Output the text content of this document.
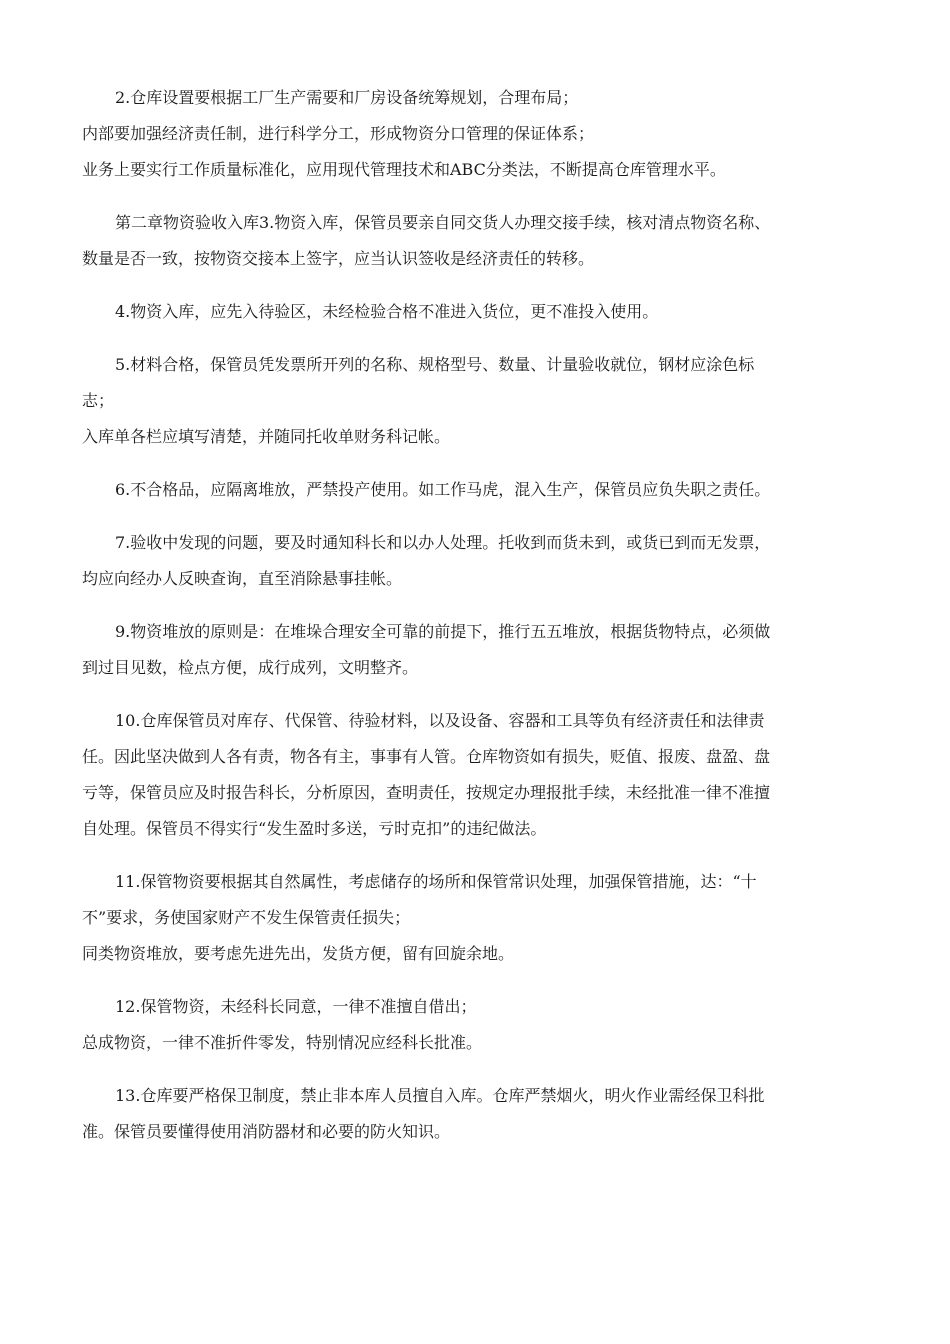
2.仓库设置要根据工厂生产需要和厂房设备统筹规划，合理布局；
内部要加强经济责任制，进行科学分工，形成物资分口管理的保证体系；
业务上要实行工作质量标准化，应用现代管理技术和ABC分类法，不断提高仓库管理水平。

第二章物资验收入库3.物资入库，保管员要亲自同交货人办理交接手续，核对清点物资名称、
数量是否一致，按物资交接本上签字，应当认识签收是经济责任的转移。

4.物资入库，应先入待验区，未经检验合格不准进入货位，更不准投入使用。

5.材料合格，保管员凭发票所开列的名称、规格型号、数量、计量验收就位，钢材应涂色标
志；
入库单各栏应填写清楚，并随同托收单财务科记帐。

6.不合格品，应隔离堆放，严禁投产使用。如工作马虎，混入生产，保管员应负失职之责任。

7.验收中发现的问题，要及时通知科长和以办人处理。托收到而货未到，或货已到而无发票，
均应向经办人反映查询，直至消除悬事挂帐。

9.物资堆放的原则是：在堆垛合理安全可靠的前提下，推行五五堆放，根据货物特点，必须做
到过目见数，检点方便，成行成列，文明整齐。

10.仓库保管员对库存、代保管、待验材料，以及设备、容器和工具等负有经济责任和法律责
任。因此坚决做到人各有责，物各有主，事事有人管。仓库物资如有损失，贬值、报废、盘盈、盘
亏等，保管员应及时报告科长，分析原因，查明责任，按规定办理报批手续，未经批准一律不准擅
自处理。保管员不得实行“发生盈时多送，亏时克扣”的违纪做法。

11.保管物资要根据其自然属性，考虑储存的场所和保管常识处理，加强保管措施，达：“十
不”要求，务使国家财产不发生保管责任损失；
同类物资堆放，要考虑先进先出，发货方便，留有回旋余地。

12.保管物资，未经科长同意，一律不准擅自借出；
总成物资，一律不准折件零发，特别情况应经科长批准。

13.仓库要严格保卫制度，禁止非本库人员擅自入库。仓库严禁烟火，明火作业需经保卫科批
准。保管员要懂得使用消防器材和必要的防火知识。
